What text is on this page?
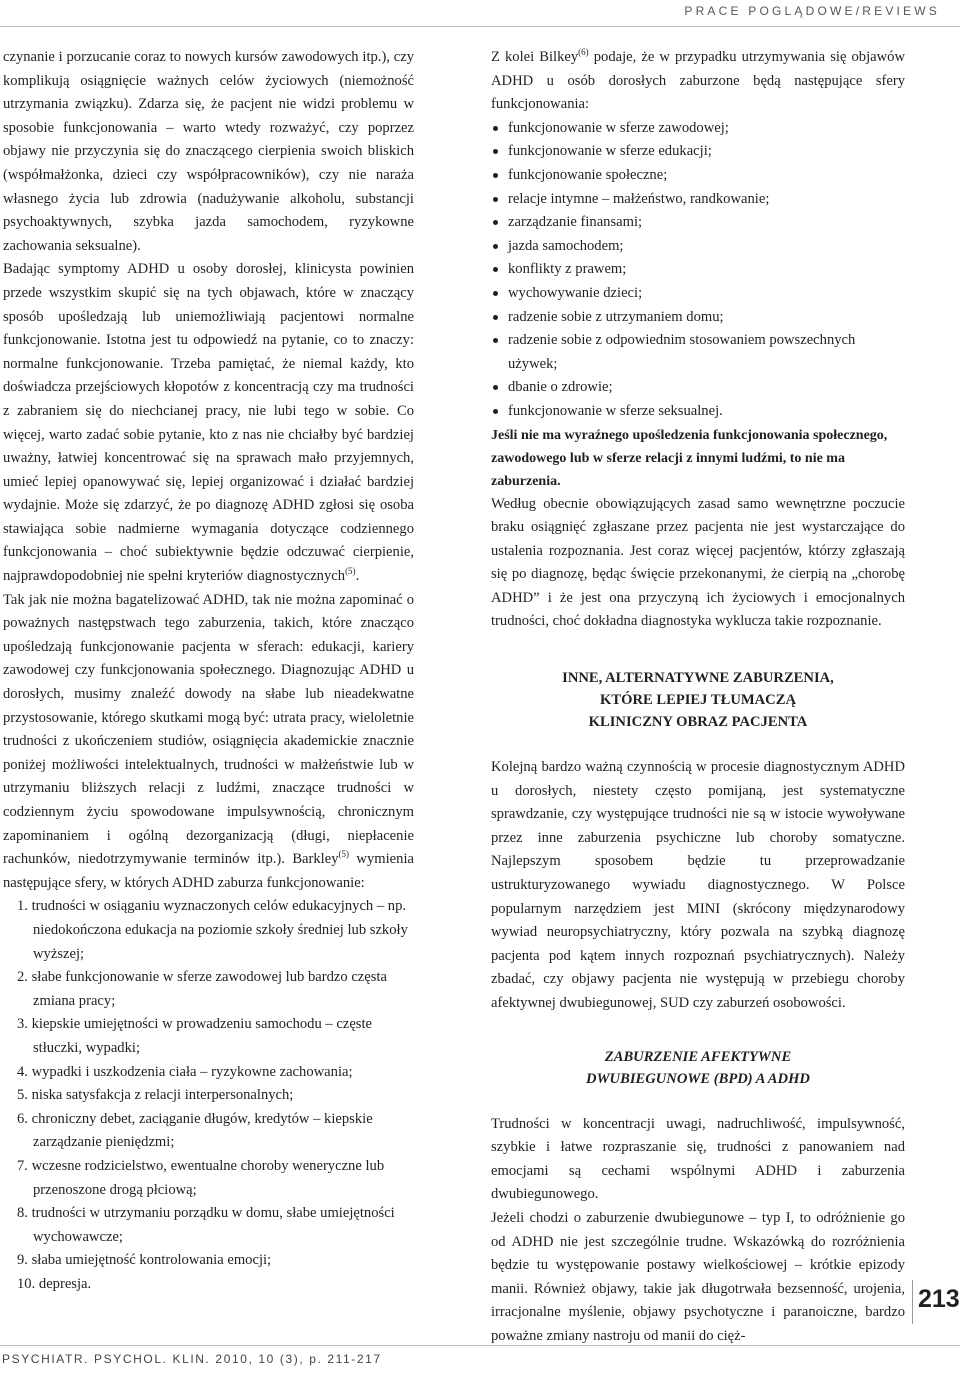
PRACE POGLĄDOWE/REVIEWS

czynanie i porzucanie coraz to nowych kursów zawodowych itp.), czy komplikują osiągnięcie ważnych celów życiowych (niemożność utrzymania związku). Zdarza się, że pacjent nie widzi problemu w sposobie funkcjonowania – warto wtedy rozważyć, czy poprzez objawy nie przyczynia się do znaczącego cierpienia swoich bliskich (współmałżonka, dzieci czy współpracowników), czy nie naraża własnego życia lub zdrowia (nadużywanie alkoholu, substancji psychoaktywnych, szybka jazda samochodem, ryzykowne zachowania seksualne).

Badając symptomy ADHD u osoby dorosłej, klinicysta powinien przede wszystkim skupić się na tych objawach, które w znaczący sposób upośledzają lub uniemożliwiają pacjentowi normalne funkcjonowanie. Istotna jest tu odpowiedź na pytanie, co to znaczy: normalne funkcjonowanie. Trzeba pamiętać, że niemal każdy, kto doświadcza przejściowych kłopotów z koncentracją czy ma trudności z zabraniem się do niechcianej pracy, nie lubi tego w sobie. Co więcej, warto zadać sobie pytanie, kto z nas nie chciałby być bardziej uważny, łatwiej koncentrować się na sprawach mało przyjemnych, umieć lepiej opanowywać się, lepiej organizować i działać bardziej wydajnie. Może się zdarzyć, że po diagnozę ADHD zgłosi się osoba stawiająca sobie nadmierne wymagania dotyczące codziennego funkcjonowania – choć subiektywnie będzie odczuwać cierpienie, najprawdopodobniej nie spełni kryteriów diagnostycznych$^{(5)}$.

Tak jak nie można bagatelizować ADHD, tak nie można zapominać o poważnych następstwach tego zaburzenia, takich, które znacząco upośledzają funkcjonowanie pacjenta w sferach: edukacji, kariery zawodowej czy funkcjonowania społecznego. Diagnozując ADHD u dorosłych, musimy znaleźć dowody na słabe lub nieadekwatne przystosowanie, którego skutkami mogą być: utrata pracy, wieloletnie trudności z ukończeniem studiów, osiągnięcia akademickie znacznie poniżej możliwości intelektualnych, trudności w małżeństwie lub w utrzymaniu bliższych relacji z ludźmi, znaczące trudności w codziennym życiu spowodowane impulsywnością, chronicznym zapominaniem i ogólną dezorganizacją (długi, niepłacenie rachunków, niedotrzymywanie terminów itp.). Barkley$^{(5)}$ wymienia następujące sfery, w których ADHD zaburza funkcjonowanie:

1. trudności w osiąganiu wyznaczonych celów edukacyjnych – np. niedokończona edukacja na poziomie szkoły średniej lub szkoły wyższej;
2. słabe funkcjonowanie w sferze zawodowej lub bardzo częsta zmiana pracy;
3. kiepskie umiejętności w prowadzeniu samochodu – częste stłuczki, wypadki;
4. wypadki i uszkodzenia ciała – ryzykowne zachowania;
5. niska satysfakcja z relacji interpersonalnych;
6. chroniczny debet, zaciąganie długów, kredytów – kiepskie zarządzanie pieniędzmi;
7. wczesne rodzicielstwo, ewentualne choroby weneryczne lub przenoszone drogą płciową;
8. trudności w utrzymaniu porządku w domu, słabe umiejętności wychowawcze;
9. słaba umiejętność kontrolowania emocji;
10. depresja.

Z kolei Bilkey$^{(6)}$ podaje, że w przypadku utrzymywania się objawów ADHD u osób dorosłych zaburzone będą następujące sfery funkcjonowania:

funkcjonowanie w sferze zawodowej;
funkcjonowanie w sferze edukacji;
funkcjonowanie społeczne;
relacje intymne – małżeństwo, randkowanie;
zarządzanie finansami;
jazda samochodem;
konflikty z prawem;
wychowywanie dzieci;
radzenie sobie z utrzymaniem domu;
radzenie sobie z odpowiednim stosowaniem powszechnych używek;
dbanie o zdrowie;
funkcjonowanie w sferze seksualnej.

Jeśli nie ma wyraźnego upośledzenia funkcjonowania społecznego, zawodowego lub w sferze relacji z innymi ludźmi, to nie ma zaburzenia.

Według obecnie obowiązujących zasad samo wewnętrzne poczucie braku osiągnięć zgłaszane przez pacjenta nie jest wystarczające do ustalenia rozpoznania. Jest coraz więcej pacjentów, którzy zgłaszają się po diagnozę, będąc święcie przekonanymi, że cierpią na „chorobę ADHD” i że jest ona przyczyną ich życiowych i emocjonalnych trudności, choć dokładna diagnostyka wyklucza takie rozpoznanie.

INNE, ALTERNATYWNE ZABURZENIA,
KTÓRE LEPIEJ TŁUMACZĄ
KLINICZNY OBRAZ PACJENTA

Kolejną bardzo ważną czynnością w procesie diagnostycznym ADHD u dorosłych, niestety często pomijaną, jest systematyczne sprawdzanie, czy występujące trudności nie są w istocie wywoływane przez inne zaburzenia psychiczne lub choroby somatyczne. Najlepszym sposobem będzie tu przeprowadzanie ustrukturyzowanego wywiadu diagnostycznego. W Polsce popularnym narzędziem jest MINI (skrócony międzynarodowy wywiad neuropsychiatryczny, który pozwala na szybką diagnozę pacjenta pod kątem innych rozpoznań psychiatrycznych). Należy zbadać, czy objawy pacjenta nie występują w przebiegu choroby afektywnej dwubiegunowej, SUD czy zaburzeń osobowości.

ZABURZENIE AFEKTYWNE
DWUBIEGUNOWE (BPD) A ADHD

Trudności w koncentracji uwagi, nadruchliwość, impulsywność, szybkie i łatwe rozpraszanie się, trudności z panowaniem nad emocjami są cechami wspólnymi ADHD i zaburzenia dwubiegunowego.

Jeżeli chodzi o zaburzenie dwubiegunowe – typ I, to odróżnienie go od ADHD nie jest szczególnie trudne. Wskazówką do rozróżnienia będzie tu występowanie postawy wielkościowej – krótkie epizody manii. Również objawy, takie jak długotrwała bezsenność, urojenia, irracjonalne myślenie, objawy psychotyczne i paranoiczne, bardzo poważne zmiany nastroju od manii do cięż-

213
PSYCHIATR. PSYCHOL. KLIN. 2010, 10 (3), p. 211-217
